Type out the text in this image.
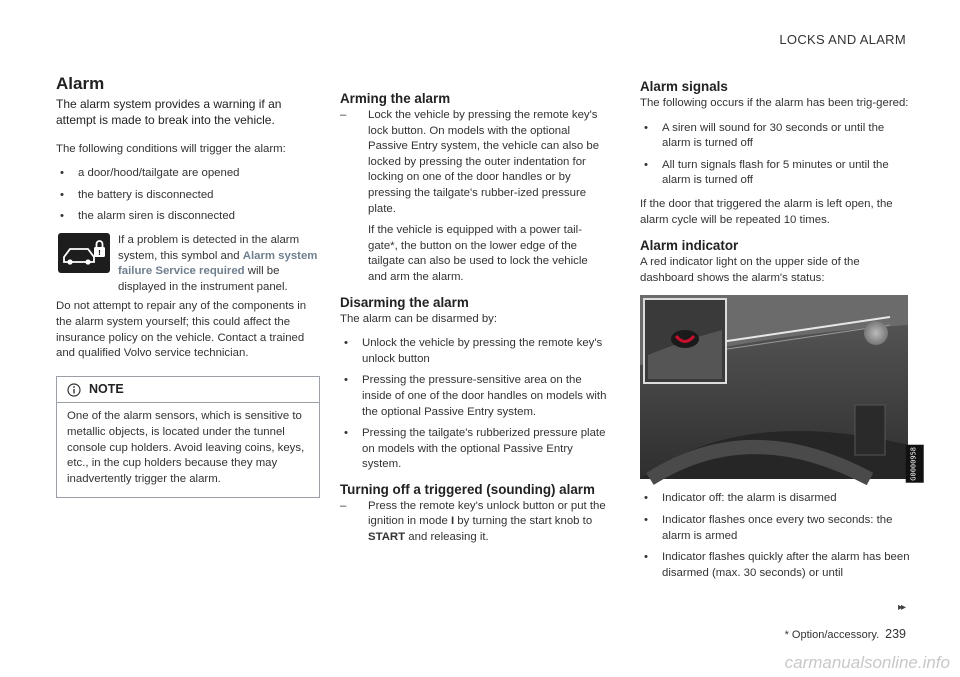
LOCKS AND ALARM
Alarm

The alarm system provides a warning if an attempt is made to break into the vehicle.

The following conditions will trigger the alarm:

• a door/hood/tailgate are opened
• the battery is disconnected
• the alarm siren is disconnected
!
If a problem is detected in the alarm system, this symbol and Alarm system failure Service required will be displayed in the instrument panel.

Do not attempt to repair any of the components in the alarm system yourself; this could affect the insurance policy on the vehicle. Contact a trained and qualified Volvo service technician.

NOTE
One of the alarm sensors, which is sensitive to metallic objects, is located under the tunnel console cup holders. Avoid leaving coins, keys, etc., in the cup holders because they may inadvertently trigger the alarm.
Arming the alarm
– Lock the vehicle by pressing the remote key's lock button. On models with the optional Passive Entry system, the vehicle can also be locked by pressing the outer indentation for locking on one of the door handles or by pressing the tailgate's rubber-ized pressure plate.
If the vehicle is equipped with a power tail-gate*, the button on the lower edge of the tailgate can also be used to lock the vehicle and arm the alarm.
Disarming the alarm

The alarm can be disarmed by:

• Unlock the vehicle by pressing the remote key's unlock button
• Pressing the pressure-sensitive area on the inside of one of the door handles on models with the optional Passive Entry system.
• Pressing the tailgate's rubberized pressure plate on models with the optional Passive Entry system.
Turning off a triggered (sounding) alarm
– Press the remote key's unlock button or put the ignition in mode I by turning the start knob to START and releasing it.
Alarm signals

The following occurs if the alarm has been trig-gered:

• A siren will sound for 30 seconds or until the alarm is turned off
• All turn signals flash for 5 minutes or until the alarm is turned off

If the door that triggered the alarm is left open, the alarm cycle will be repeated 10 times.

Alarm indicator

A red indicator light on the upper side of the dashboard shows the alarm's status:

G0000958
• Indicator off: the alarm is disarmed
• Indicator flashes once every two seconds: the alarm is armed
• Indicator flashes quickly after the alarm has been disarmed (max. 30 seconds) or until
▸▸
* Option/accessory. 239
carmanualsonline.info
